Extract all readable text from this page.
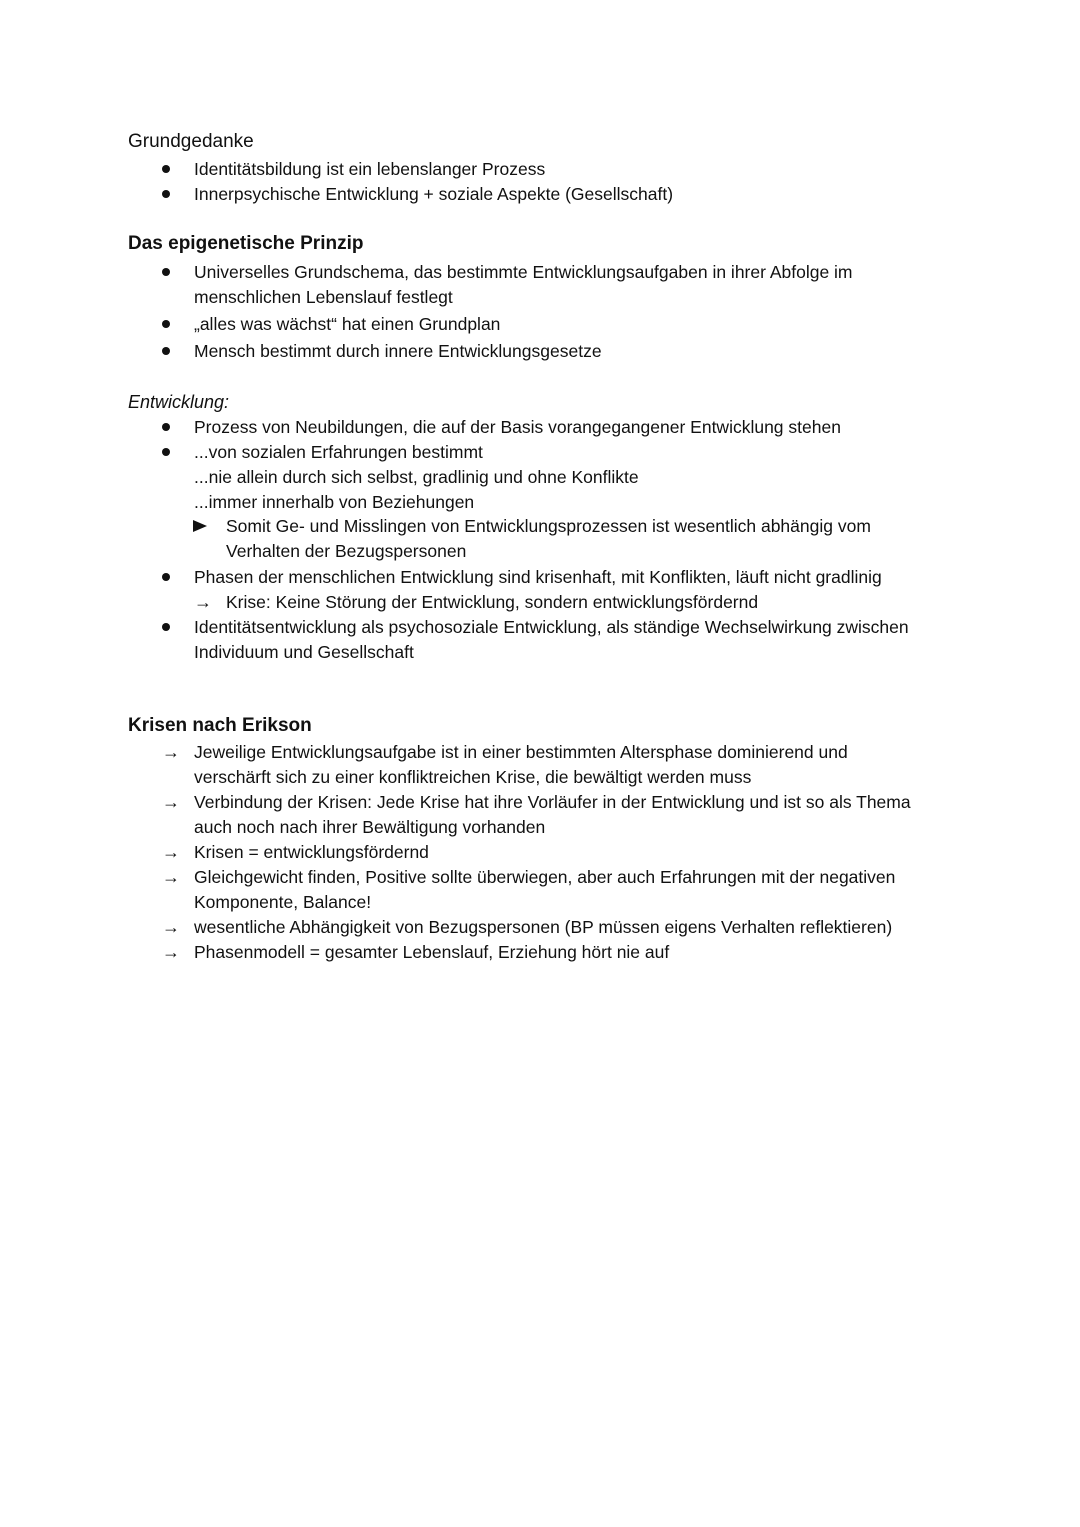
Grundgedanke
Identitätsbildung ist ein lebenslanger Prozess
Innerpsychische Entwicklung + soziale Aspekte (Gesellschaft)
Das epigenetische Prinzip
Universelles Grundschema, das bestimmte Entwicklungsaufgaben in ihrer Abfolge im
menschlichen Lebenslauf festlegt
„alles was wächst“ hat einen Grundplan
Mensch bestimmt durch innere Entwicklungsgesetze
Entwicklung:
Prozess von Neubildungen, die auf der Basis vorangegangener Entwicklung stehen
...von sozialen Erfahrungen bestimmt
...nie allein durch sich selbst, gradlinig und ohne Konflikte
...immer innerhalb von Beziehungen
Somit Ge- und Misslingen von Entwicklungsprozessen ist wesentlich abhängig vom
Verhalten der Bezugspersonen
Phasen der menschlichen Entwicklung sind krisenhaft, mit Konflikten, läuft nicht gradlinig
→ Krise: Keine Störung der Entwicklung, sondern entwicklungsfördernd
Identitätsentwicklung als psychosoziale Entwicklung, als ständige Wechselwirkung zwischen
Individuum und Gesellschaft
Krisen nach Erikson
→ Jeweilige Entwicklungsaufgabe ist in einer bestimmten Altersphase dominierend und
verschärft sich zu einer konfliktreichen Krise, die bewältigt werden muss
→ Verbindung der Krisen: Jede Krise hat ihre Vorläufer in der Entwicklung und ist so als Thema
auch noch nach ihrer Bewältigung vorhanden
→ Krisen = entwicklungsfördernd
→ Gleichgewicht finden, Positive sollte überwiegen, aber auch Erfahrungen mit der negativen
Komponente, Balance!
→ wesentliche Abhängigkeit von Bezugspersonen (BP müssen eigens Verhalten reflektieren)
→ Phasenmodell = gesamter Lebenslauf, Erziehung hört nie auf
